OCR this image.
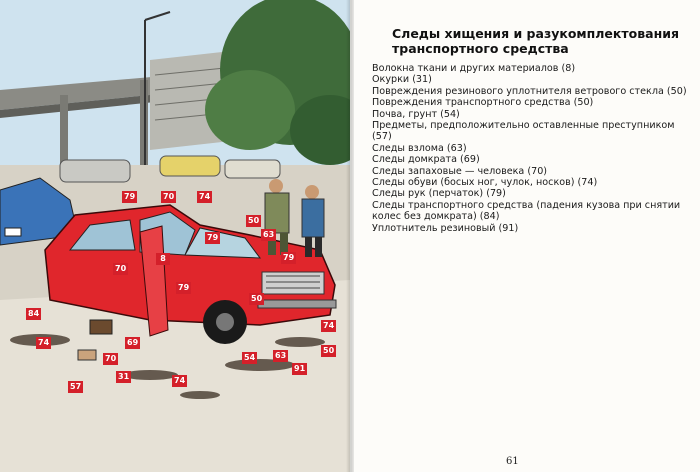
79	70	74
50
79	63
70
8	79
79
50
84
74	69
70
31
57
74
54 63
50
91
74
Следы хищения и разукомплектования транспортного средства
Волокна ткани и других материалов (8)
Окурки (31)
Повреждения резинового уплотнителя ветрового стекла (50)
Повреждения транспортного средства (50)
Почва, грунт (54)
Предметы, предположительно оставленные преступником (57)
Следы взлома (63)
Следы домкрата (69)
Следы запаховые — человека (70)
Следы обуви (босых ног, чулок, носков) (74)
Следы рук (перчаток) (79)
Следы транспортного средства (падения кузова при снятии колес без домкрата) (84)
Уплотнитель резиновый (91)
61
